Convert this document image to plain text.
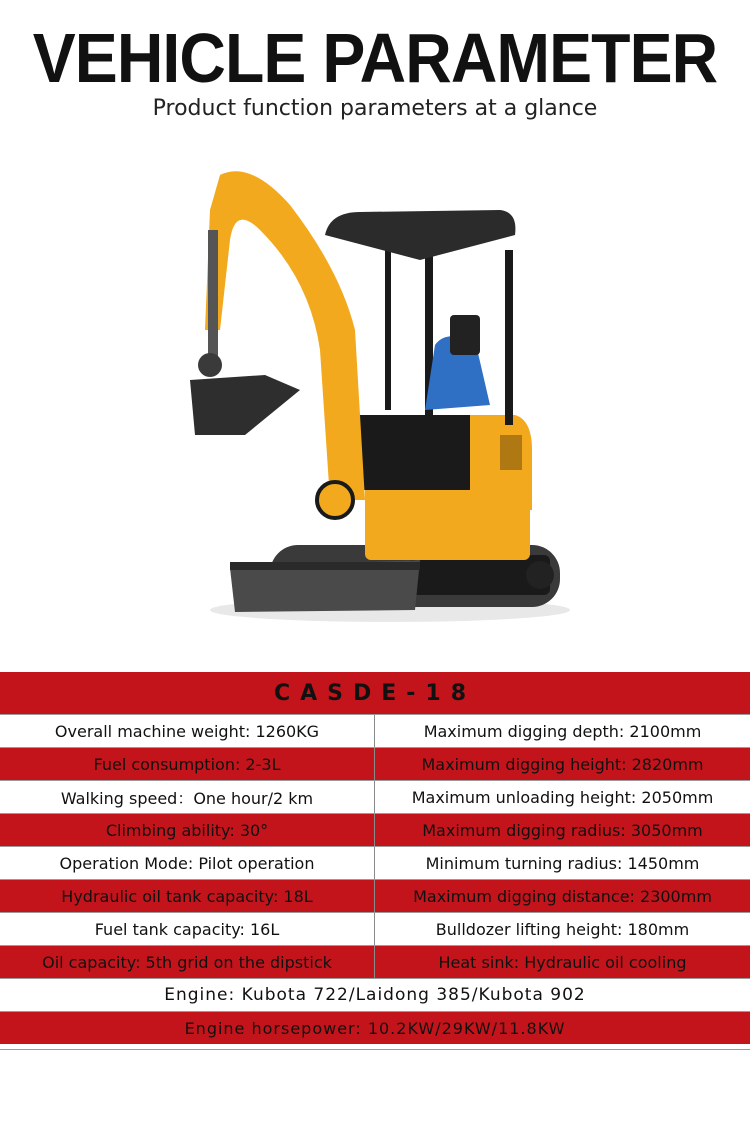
VEHICLE PARAMETER
Product function parameters at a glance
CASDE-18
Overall machine weight: 1260KG	Maximum digging depth: 2100mm
Fuel consumption: 2-3L	Maximum digging height: 2820mm
Walking speed：One hour/2 km	Maximum unloading height: 2050mm
Climbing ability: 30°	Maximum digging radius: 3050mm
Operation Mode: Pilot operation	Minimum turning radius: 1450mm
Hydraulic oil tank capacity: 18L	Maximum digging distance: 2300mm
Fuel tank capacity: 16L	Bulldozer lifting height: 180mm
Oil capacity: 5th grid on the dipstick	Heat sink: Hydraulic oil cooling
Engine: Kubota 722/Laidong 385/Kubota 902
Engine horsepower: 10.2KW/29KW/11.8KW
